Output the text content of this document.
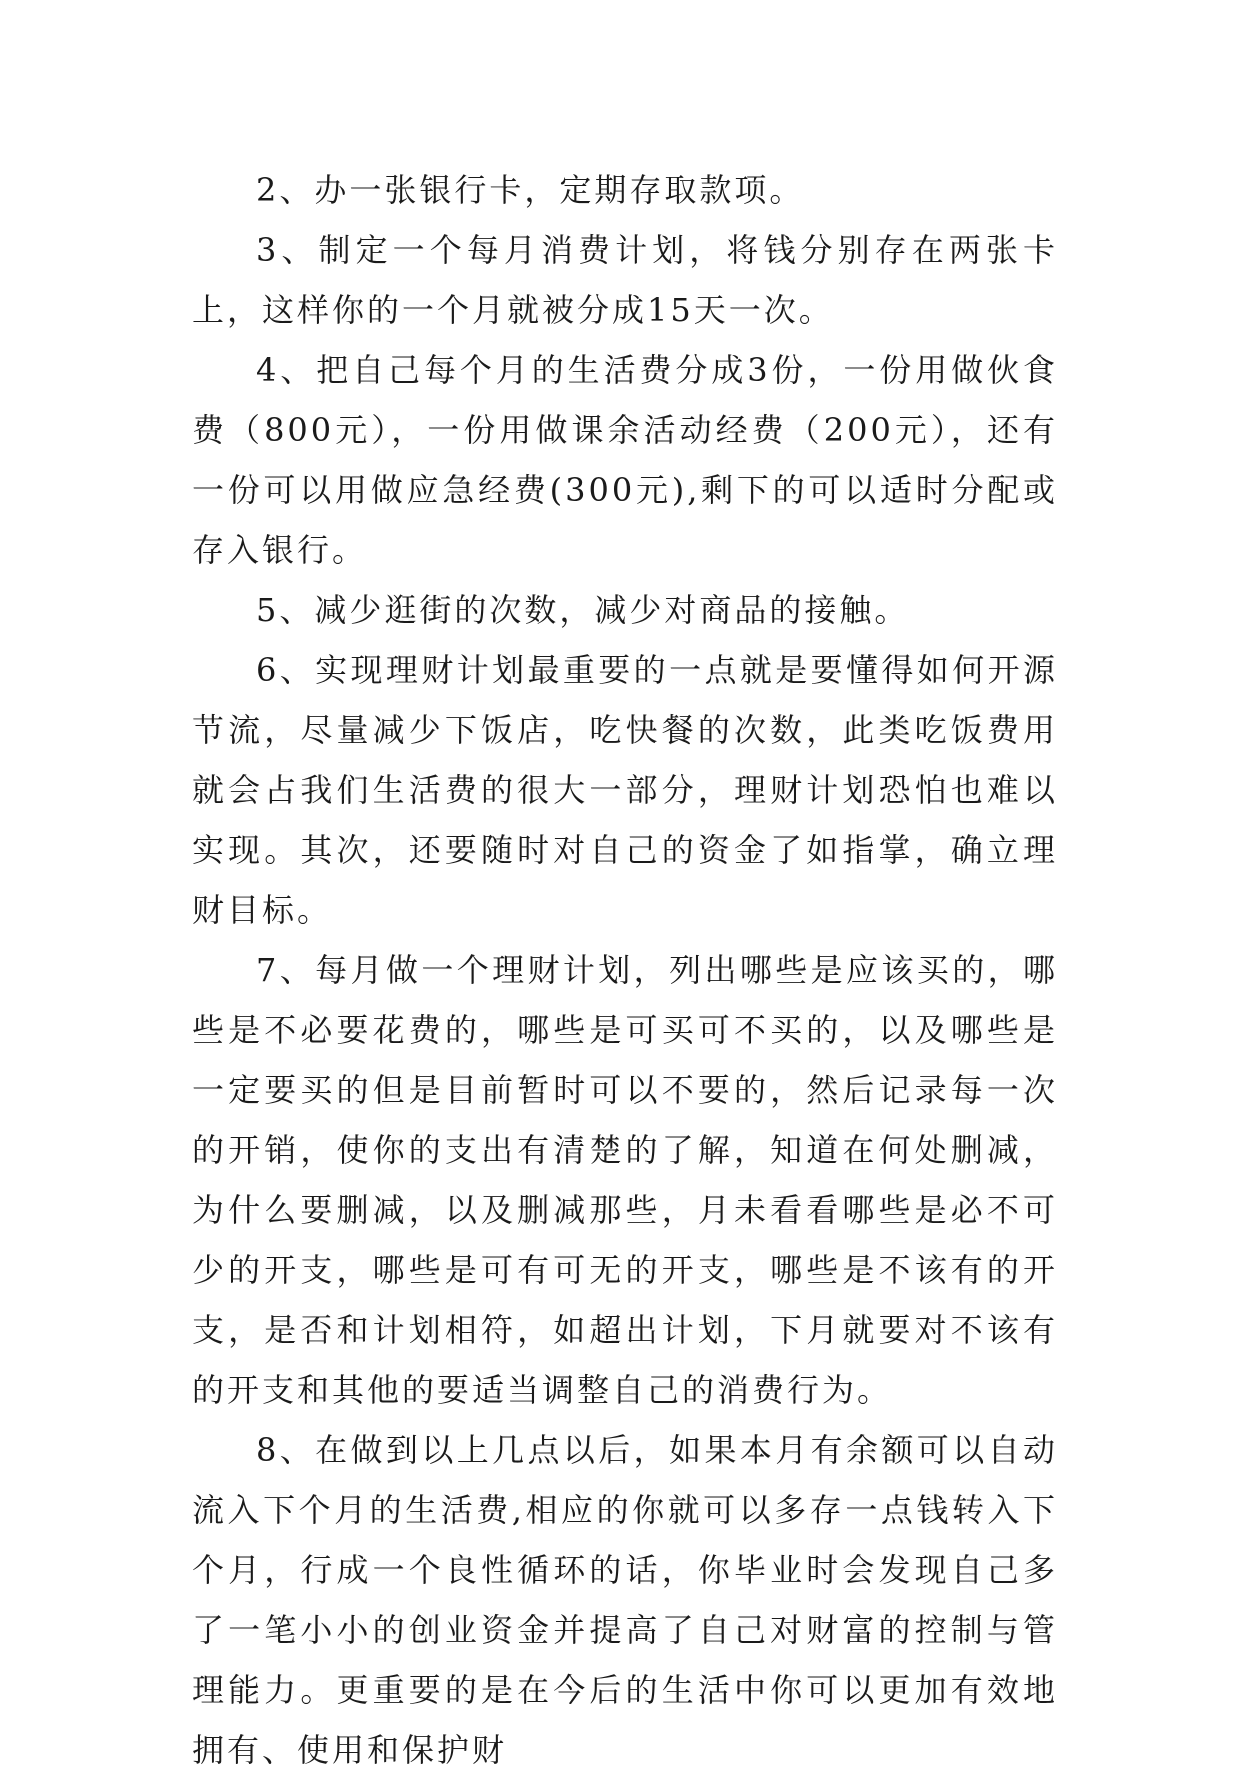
2、办一张银行卡，定期存取款项。

3、制定一个每月消费计划，将钱分别存在两张卡上，这样你的一个月就被分成15天一次。

4、把自己每个月的生活费分成3份，一份用做伙食费（800元），一份用做课余活动经费（200元），还有一份可以用做应急经费(300元),剩下的可以适时分配或存入银行。

5、减少逛街的次数，减少对商品的接触。

6、实现理财计划最重要的一点就是要懂得如何开源节流，尽量减少下饭店，吃快餐的次数，此类吃饭费用就会占我们生活费的很大一部分，理财计划恐怕也难以实现。其次，还要随时对自己的资金了如指掌，确立理财目标。

7、每月做一个理财计划，列出哪些是应该买的，哪些是不必要花费的，哪些是可买可不买的，以及哪些是一定要买的但是目前暂时可以不要的，然后记录每一次的开销，使你的支出有清楚的了解，知道在何处删减，为什么要删减，以及删减那些，月未看看哪些是必不可少的开支，哪些是可有可无的开支，哪些是不该有的开支，是否和计划相符，如超出计划，下月就要对不该有的开支和其他的要适当调整自己的消费行为。

8、在做到以上几点以后，如果本月有余额可以自动流入下个月的生活费,相应的你就可以多存一点钱转入下个月，行成一个良性循环的话，你毕业时会发现自己多了一笔小小的创业资金并提高了自己对财富的控制与管理能力。更重要的是在今后的生活中你可以更加有效地拥有、使用和保护财
